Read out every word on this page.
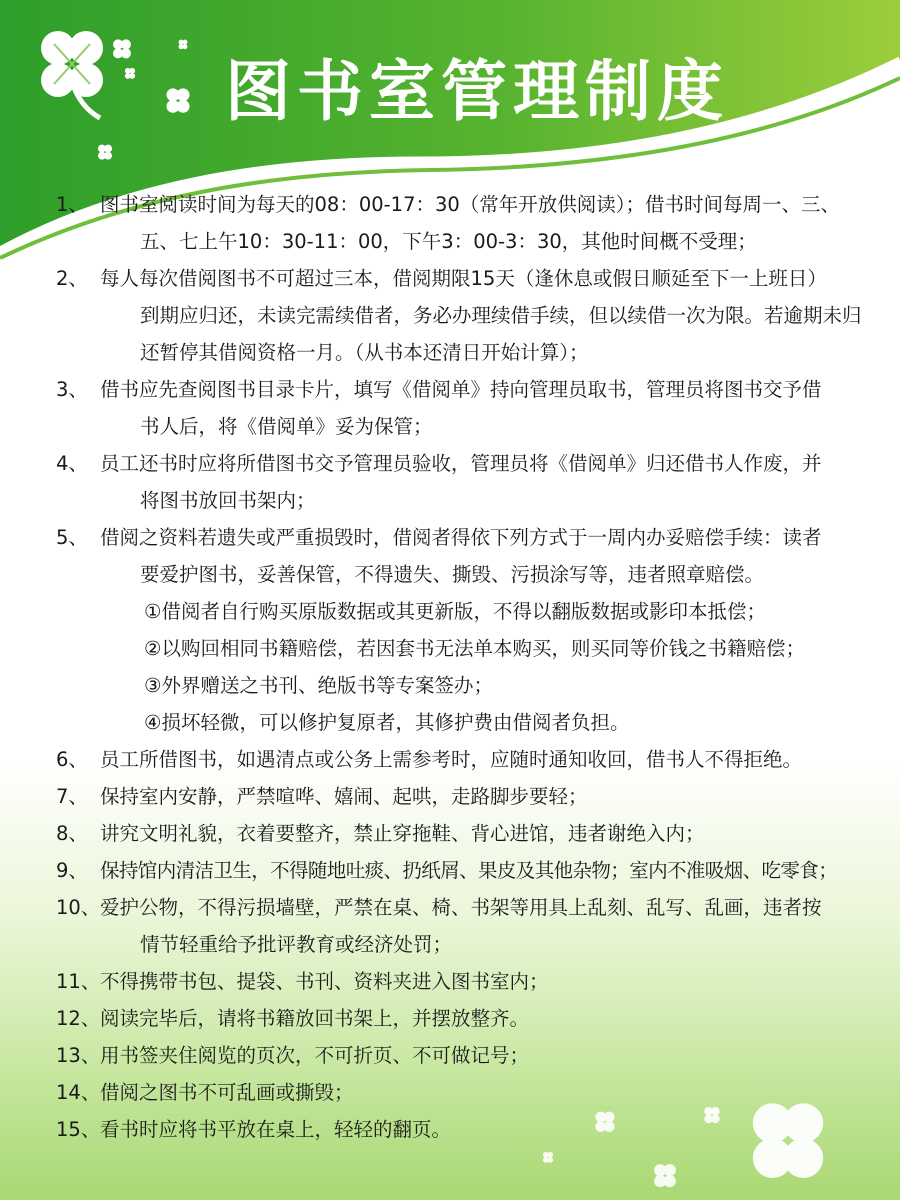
图书室管理制度
1、 图书室阅读时间为每天的08：00-17：30（常年开放供阅读）；借书时间每周一、三、
五、七上午10：30-11：00，下午3：00-3：30，其他时间概不受理；
2、 每人每次借阅图书不可超过三本，借阅期限15天（逢休息或假日顺延至下一上班日）
到期应归还，未读完需续借者，务必办理续借手续，但以续借一次为限。若逾期未归
还暂停其借阅资格一月。（从书本还清日开始计算）；
3、 借书应先查阅图书目录卡片，填写《借阅单》持向管理员取书，管理员将图书交予借
书人后，将《借阅单》妥为保管；
4、 员工还书时应将所借图书交予管理员验收，管理员将《借阅单》归还借书人作废，并
将图书放回书架内；
5、 借阅之资料若遗失或严重损毁时，借阅者得依下列方式于一周内办妥赔偿手续：读者
要爱护图书，妥善保管，不得遗失、撕毁、污损涂写等，违者照章赔偿。
①借阅者自行购买原版数据或其更新版，不得以翻版数据或影印本抵偿；
②以购回相同书籍赔偿，若因套书无法单本购买，则买同等价钱之书籍赔偿；
③外界赠送之书刊、绝版书等专案签办；
④损坏轻微，可以修护复原者，其修护费由借阅者负担。
6、 员工所借图书，如遇清点或公务上需参考时，应随时通知收回，借书人不得拒绝。
7、 保持室内安静，严禁喧哗、嬉闹、起哄，走路脚步要轻；
8、 讲究文明礼貌，衣着要整齐，禁止穿拖鞋、背心进馆，违者谢绝入内；
9、 保持馆内清洁卫生，不得随地吐痰、扔纸屑、果皮及其他杂物；室内不准吸烟、吃零食；
10、 爱护公物，不得污损墙壁，严禁在桌、椅、书架等用具上乱刻、乱写、乱画，违者按
情节轻重给予批评教育或经济处罚；
11、 不得携带书包、提袋、书刊、资料夹进入图书室内；
12、 阅读完毕后，请将书籍放回书架上，并摆放整齐。
13、 用书签夹住阅览的页次，不可折页、不可做记号；
14、 借阅之图书不可乱画或撕毁；
15、 看书时应将书平放在桌上，轻轻的翻页。
